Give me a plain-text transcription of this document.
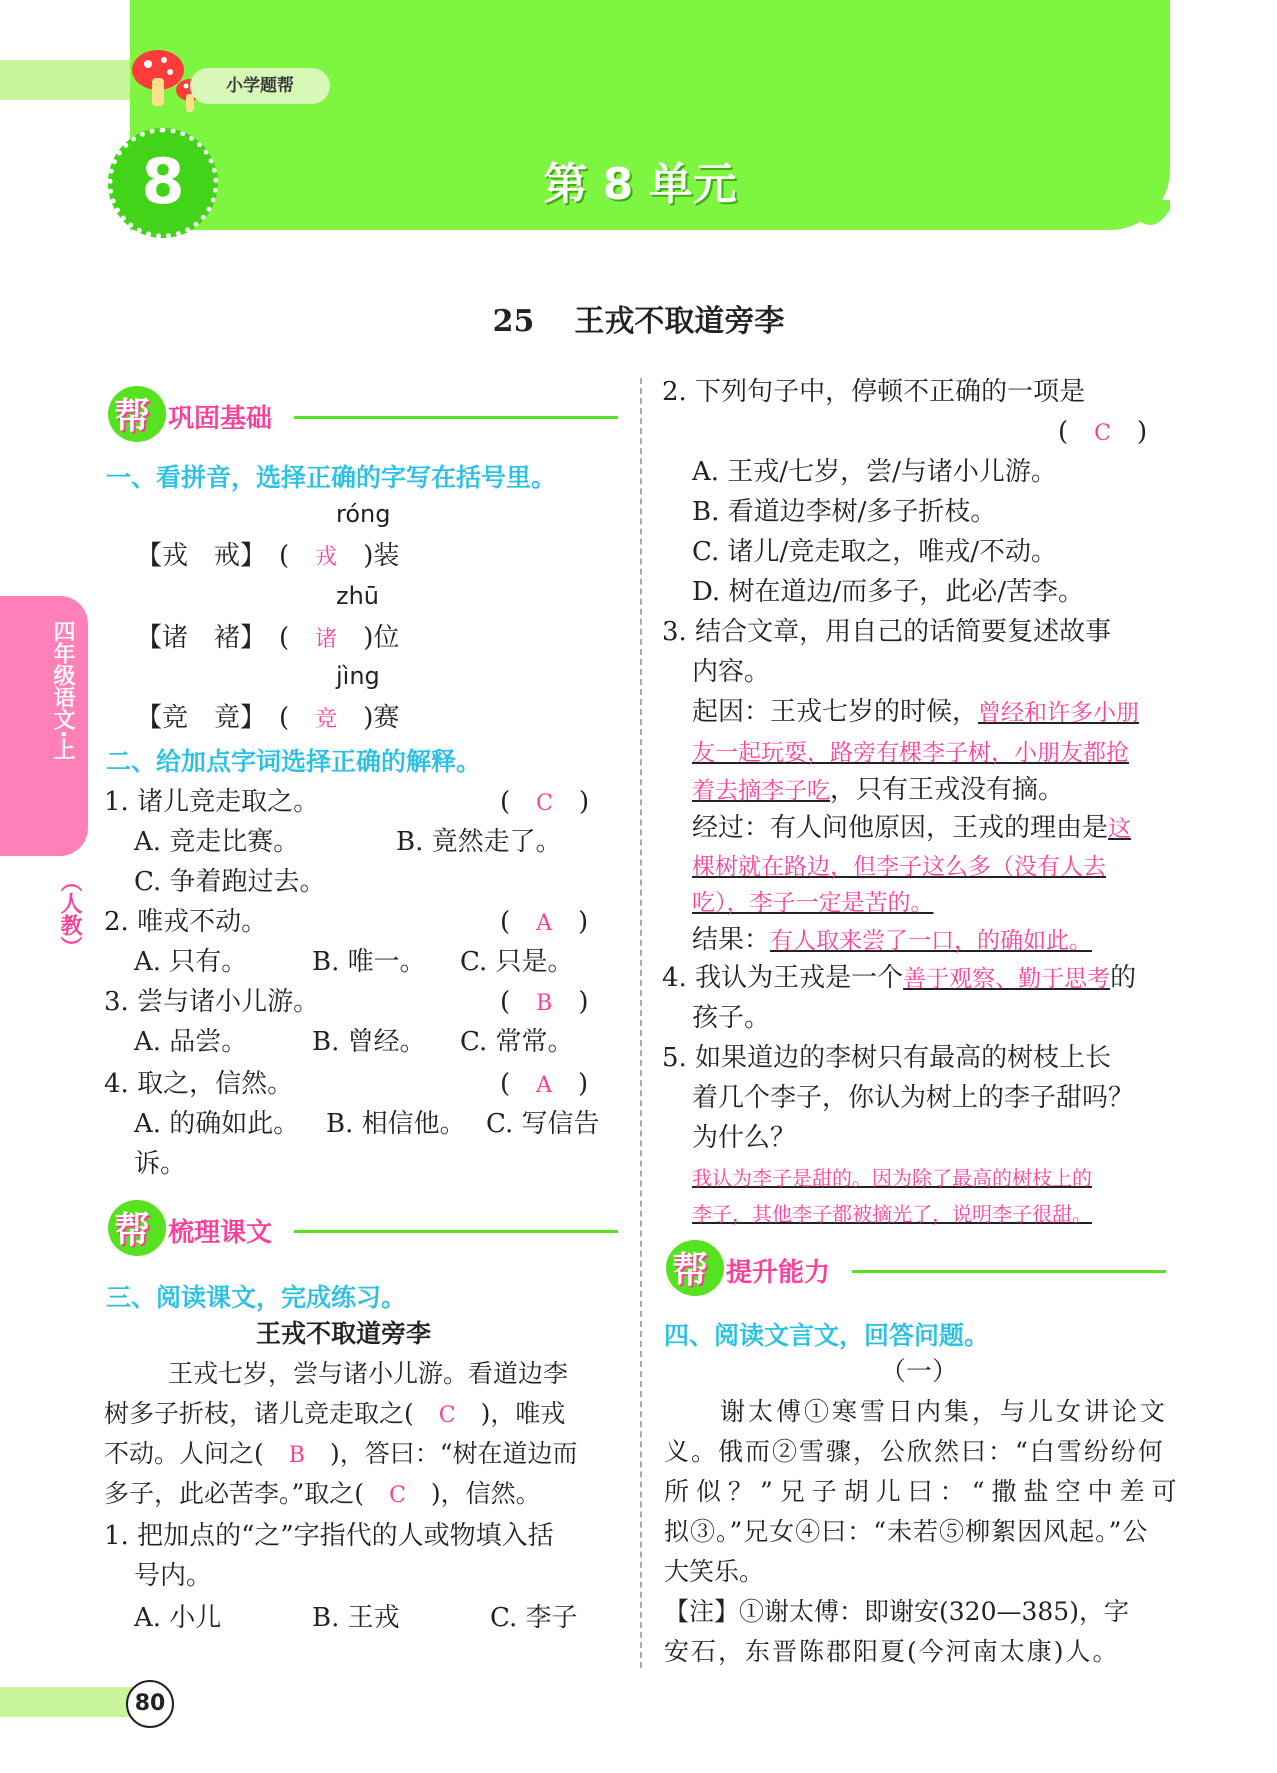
小学题帮
8	第 8 单元
四年级语文·上
（人教）
25 王戎不取道旁李
帮 巩固基础
一、看拼音，选择正确的字写在括号里。
róng
【戎　戒】　(　戎　 )装
zhū
【诸　褚】　(　诸　 )位
jìng
【竞　竟】　(　竞　 )赛
二、给加点字词选择正确的解释。
1. 诸儿竞走取之。	(　C　)
A. 竞走比赛。	B. 竟然走了。
C. 争着跑过去。
2. 唯戎不动。	(　A　)
A. 只有。 B. 唯一。 C. 只是。
3. 尝与诸小儿游。	(　B　)
A. 品尝。 B. 曾经。 C. 常常。
4. 取之，信然。	(　A　)
A. 的确如此。 B. 相信他。 C. 写信告
诉。
帮 梳理课文
三、阅读课文，完成练习。
王戎不取道旁李
王戎七岁，尝与诸小儿游。看道边李
树多子折枝，诸儿竞走取之(　 C　 )，唯戎
不动。人问之(　 B　 )，答曰：“树在道边而
多子，此必苦李。”取之(　 C　 )，信然。
1. 把加点的“之”字指代的人或物填入括
号内。
A. 小儿	B. 王戎	C. 李子
2. 下列句子中，停顿不正确的一项是
(　C　)
A. 王戎/七岁，尝/与诸小儿游。
B. 看道边李树/多子折枝。
C. 诸儿/竞走取之，唯戎/不动。
D. 树在道边/而多子，此必/苦李。
3. 结合文章，用自己的话简要复述故事
内容。
起因：王戎七岁的时候，曾经和许多小朋
友一起玩耍，路旁有棵李子树，小朋友都抢
着去摘李子吃，只有王戎没有摘。
经过：有人问他原因，王戎的理由是这
棵树就在路边，但李子这么多（没有人去
吃），李子一定是苦的。
结果：有人取来尝了一口，的确如此。
4. 我认为王戎是一个善于观察、勤于思考的
孩子。
5. 如果道边的李树只有最高的树枝上长
着几个李子，你认为树上的李子甜吗？
为什么？
我认为李子是甜的。因为除了最高的树枝上的
李子，其他李子都被摘光了，说明李子很甜。
帮 提升能力
四、阅读文言文，回答问题。
（一）
谢太傅①寒雪日内集，与儿女讲论文
义。俄而②雪骤，公欣然曰：“白雪纷纷何
所似？”兄子胡儿曰：“撒盐空中差可
拟③。”兄女④曰：“未若⑤柳絮因风起。”公
大笑乐。
【注】①谢太傅：即谢安(320—385)，字
安石，东晋陈郡阳夏(今河南太康)人。
80
